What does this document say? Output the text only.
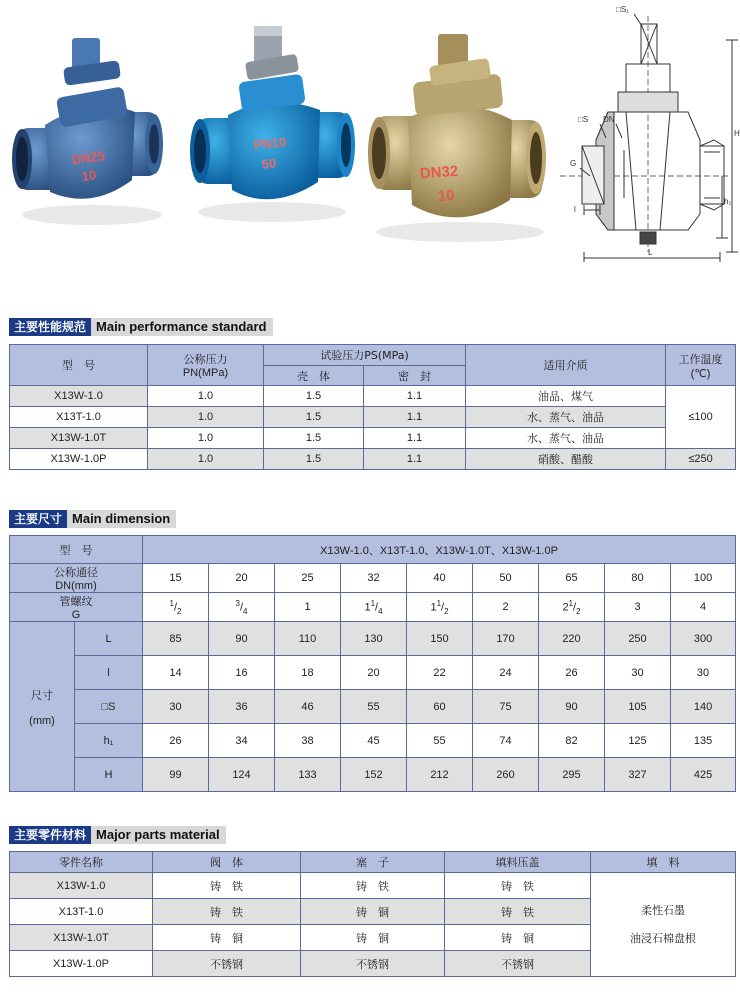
DN25
10
PN10
50	DN32
10
□S₁
□S DN
G
l
L
H
h₁
主要性能规范 Main performance standard
型　号	公称压力
PN(MPa)	试验压力PS(MPa)		适用介质	工作温度
(℃)
		壳　体	密　封		
X13W-1.0	1.0	1.5	1.1	油品、煤气	≤100
X13T-1.0	1.0	1.5	1.1	水、蒸气、油品	
X13W-1.0T	1.0	1.5	1.1	水、蒸气、油品	
X13W-1.0P	1.0	1.5	1.1	硝酸、醋酸	≤250
主要尺寸 Main dimension
型　号		X13W-1.0、X13T-1.0、X13W-1.0T、X13W-1.0P								
公称通径
DN(mm)		15	20	25	32	40	50	65	80	100
管螺纹
G		$^1/_2$	$^3/_4$	1	$1^1/_4$	$1^1/_2$	2	$2^1/_2$	3	4
尺寸

(mm)	L	85	90	110	130	150	170	220	250	300
	l	14	16	18	20	22	24	26	30	30
	□S	30	36	46	55	60	75	90	105	140
	h₁	26	34	38	45	55	74	82	125	135
	H	99	124	133	152	212	260	295	327	425
主要零件材料 Major parts material
零件名称	阀　体	塞　子	填料压盖	填　料
X13W-1.0	铸　铁	铸　铁	铸　铁	柔性石墨
油浸石棉盘根
X13T-1.0	铸　铁	铸　铜	铸　铁	
X13W-1.0T	铸　铜	铸　铜	铸　铜	
X13W-1.0P	不锈钢	不锈钢	不锈钢	
